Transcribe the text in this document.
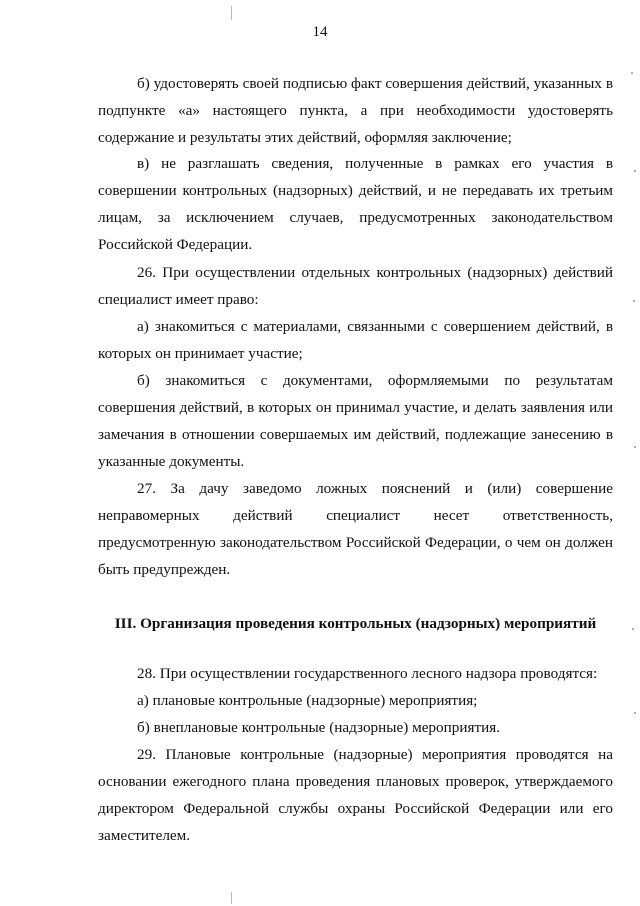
14

б) удостоверять своей подписью факт совершения действий, указанных в подпункте «а» настоящего пункта, а при необходимости удостоверять содержание и результаты этих действий, оформляя заключение;

в) не разглашать сведения, полученные в рамках его участия в совершении контрольных (надзорных) действий, и не передавать их третьим лицам, за исключением случаев, предусмотренных законодательством Российской Федерации.

26. При осуществлении отдельных контрольных (надзорных) действий специалист имеет право:

а) знакомиться с материалами, связанными с совершением действий, в которых он принимает участие;

б) знакомиться с документами, оформляемыми по результатам совершения действий, в которых он принимал участие, и делать заявления или замечания в отношении совершаемых им действий, подлежащие занесению в указанные документы.

27. За дачу заведомо ложных пояснений и (или) совершение неправомерных действий специалист несет ответственность, предусмотренную законодательством Российской Федерации, о чем он должен быть предупрежден.

III. Организация проведения контрольных (надзорных) мероприятий

28. При осуществлении государственного лесного надзора проводятся:

а) плановые контрольные (надзорные) мероприятия;

б) внеплановые контрольные (надзорные) мероприятия.

29. Плановые контрольные (надзорные) мероприятия проводятся на основании ежегодного плана проведения плановых проверок, утверждаемого директором Федеральной службы охраны Российской Федерации или его заместителем.
